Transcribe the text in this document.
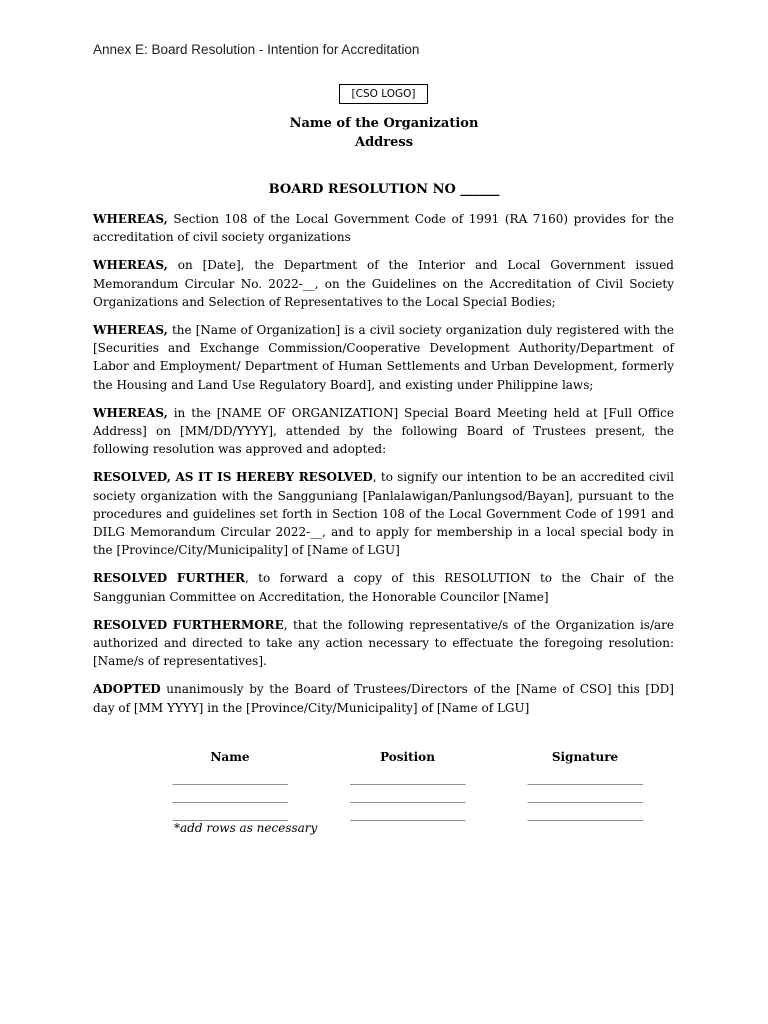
Annex E: Board Resolution - Intention for Accreditation
[CSO LOGO]
Name of the Organization
Address
BOARD RESOLUTION NO ______

WHEREAS, Section 108 of the Local Government Code of 1991 (RA 7160) provides for the accreditation of civil society organizations

WHEREAS, on [Date], the Department of the Interior and Local Government issued Memorandum Circular No. 2022-__, on the Guidelines on the Accreditation of Civil Society Organizations and Selection of Representatives to the Local Special Bodies;

WHEREAS, the [Name of Organization] is a civil society organization duly registered with the [Securities and Exchange Commission/Cooperative Development Authority/Department of Labor and Employment/ Department of Human Settlements and Urban Development, formerly the Housing and Land Use Regulatory Board], and existing under Philippine laws;

WHEREAS, in the [NAME OF ORGANIZATION] Special Board Meeting held at [Full Office Address] on [MM/DD/YYYY], attended by the following Board of Trustees present, the following resolution was approved and adopted:

RESOLVED, AS IT IS HEREBY RESOLVED, to signify our intention to be an accredited civil society organization with the Sangguniang [Panlalawigan/Panlungsod/Bayan], pursuant to the procedures and guidelines set forth in Section 108 of the Local Government Code of 1991 and DILG Memorandum Circular 2022-__, and to apply for membership in a local special body in the [Province/City/Municipality] of [Name of LGU]

RESOLVED FURTHER, to forward a copy of this RESOLUTION to the Chair of the Sanggunian Committee on Accreditation, the Honorable Councilor [Name]

RESOLVED FURTHERMORE, that the following representative/s of the Organization is/are authorized and directed to take any action necessary to effectuate the foregoing resolution: [Name/s of representatives].

ADOPTED unanimously by the Board of Trustees/Directors of the [Name of CSO] this [DD] day of [MM YYYY] in the [Province/City/Municipality] of [Name of LGU]

Name	Position	Signature
_______________________	_______________________	_______________________
_______________________	_______________________	_______________________
_______________________	_______________________	_______________________
*add rows as necessary
